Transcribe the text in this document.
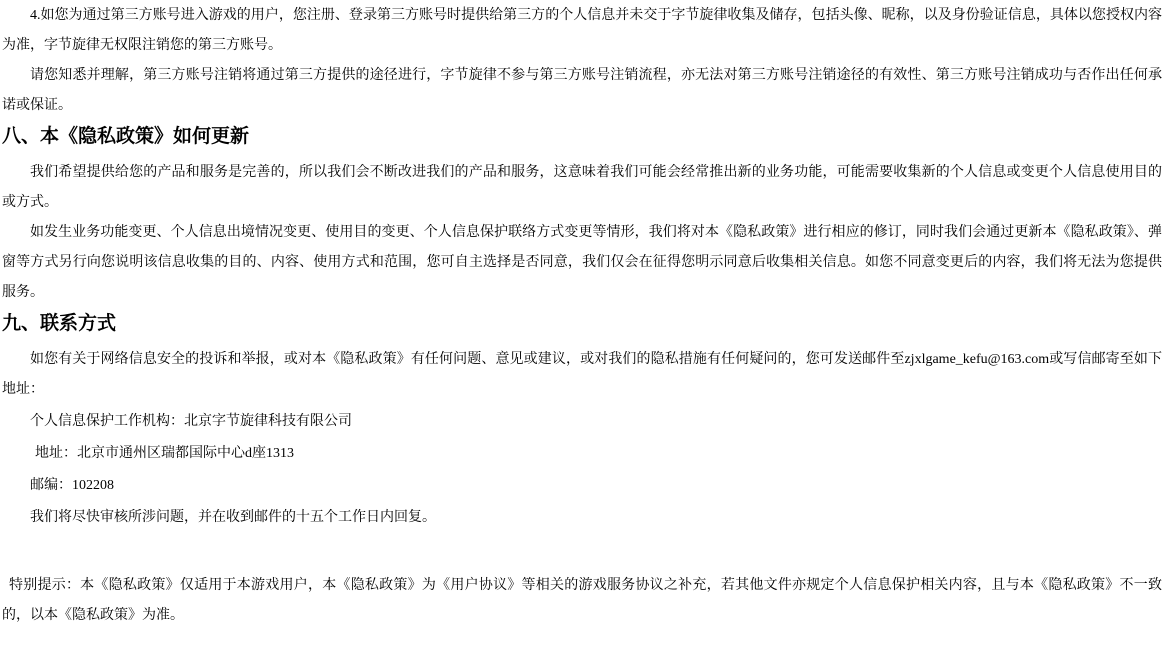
4.如您为通过第三方账号进入游戏的用户，您注册、登录第三方账号时提供给第三方的个人信息并未交于字节旋律收集及储存，包括头像、昵称，以及身份验证信息，具体以您授权内容为准，字节旋律无权限注销您的第三方账号。

请您知悉并理解，第三方账号注销将通过第三方提供的途径进行，字节旋律不参与第三方账号注销流程，亦无法对第三方账号注销途径的有效性、第三方账号注销成功与否作出任何承诺或保证。

八、本《隐私政策》如何更新

我们希望提供给您的产品和服务是完善的，所以我们会不断改进我们的产品和服务，这意味着我们可能会经常推出新的业务功能，可能需要收集新的个人信息或变更个人信息使用目的或方式。

如发生业务功能变更、个人信息出境情况变更、使用目的变更、个人信息保护联络方式变更等情形，我们将对本《隐私政策》进行相应的修订，同时我们会通过更新本《隐私政策》、弹窗等方式另行向您说明该信息收集的目的、内容、使用方式和范围，您可自主选择是否同意，我们仅会在征得您明示同意后收集相关信息。如您不同意变更后的内容，我们将无法为您提供服务。

九、联系方式

如您有关于网络信息安全的投诉和举报，或对本《隐私政策》有任何问题、意见或建议，或对我们的隐私措施有任何疑问的，您可发送邮件至zjxlgame_kefu@163.com或写信邮寄至如下地址：

个人信息保护工作机构：北京字节旋律科技有限公司

地址：北京市通州区瑞都国际中心d座1313

邮编：102208

我们将尽快审核所涉问题，并在收到邮件的十五个工作日内回复。

特别提示：本《隐私政策》仅适用于本游戏用户，本《隐私政策》为《用户协议》等相关的游戏服务协议之补充，若其他文件亦规定个人信息保护相关内容，且与本《隐私政策》不一致的，以本《隐私政策》为准。
